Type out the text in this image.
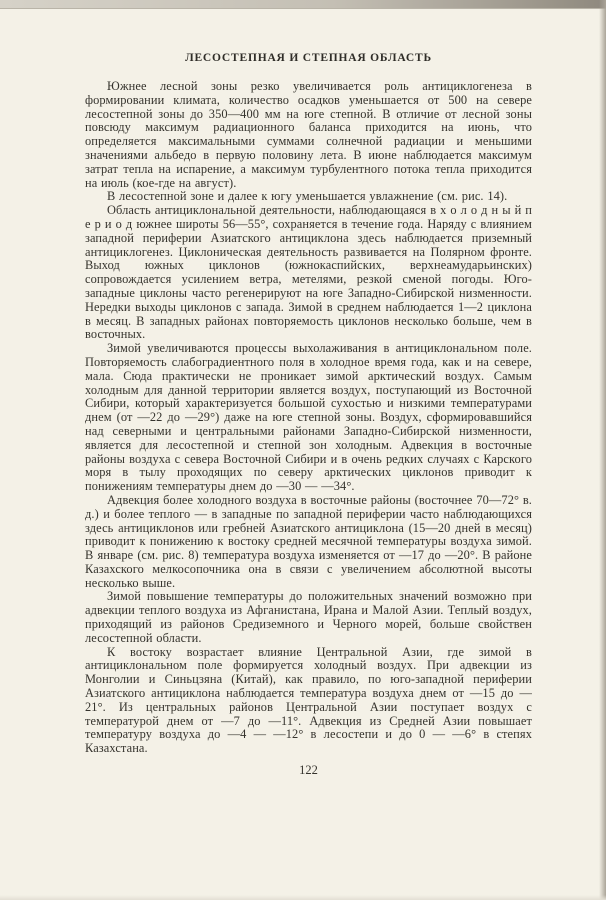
ЛЕСОСТЕПНАЯ И СТЕПНАЯ ОБЛАСТЬ

Южнее лесной зоны резко увеличивается роль антициклогенеза в формировании климата, количество осадков уменьшается от 500 на севере лесостепной зоны до 350—400 мм на юге степной. В отличие от лесной зоны повсюду максимум радиационного баланса приходится на июнь, что определяется максимальными суммами солнечной радиации и меньшими значениями альбедо в первую половину лета. В июне наблюдается максимум затрат тепла на испарение, а максимум турбулентного потока тепла приходится на июль (кое-где на август).

В лесостепной зоне и далее к югу уменьшается увлажнение (см. рис. 14).

Область антициклональной деятельности, наблюдающаяся в х о л о д н ы й п е р и о д южнее широты 56—55°, сохраняется в течение года. Наряду с влиянием западной периферии Азиатского антициклона здесь наблюдается приземный антициклогенез. Циклоническая деятельность развивается на Полярном фронте. Выход южных циклонов (южнокаспийских, верхнеамударьинских) сопровождается усилением ветра, метелями, резкой сменой погоды. Юго-западные циклоны часто регенерируют на юге Западно-Сибирской низменности. Нередки выходы циклонов с запада. Зимой в среднем наблюдается 1—2 циклона в месяц. В западных районах повторяемость циклонов несколько больше, чем в восточных.

Зимой увеличиваются процессы выхолаживания в антициклональном поле. Повторяемость слабоградиентного поля в холодное время года, как и на севере, мала. Сюда практически не проникает зимой арктический воздух. Самым холодным для данной территории является воздух, поступающий из Восточной Сибири, который характеризуется большой сухостью и низкими температурами днем (от —22 до —29°) даже на юге степной зоны. Воздух, сформировавшийся над северными и центральными районами Западно-Сибирской низменности, является для лесостепной и степной зон холодным. Адвекция в восточные районы воздуха с севера Восточной Сибири и в очень редких случаях с Карского моря в тылу проходящих по северу арктических циклонов приводит к понижениям температуры днем до —30 — —34°.

Адвекция более холодного воздуха в восточные районы (восточнее 70—72° в. д.) и более теплого — в западные по западной периферии часто наблюдающихся здесь антициклонов или гребней Азиатского антициклона (15—20 дней в месяц) приводит к понижению к востоку средней месячной температуры воздуха зимой. В январе (см. рис. 8) температура воздуха изменяется от —17 до —20°. В районе Казахского мелкосопочника она в связи с увеличением абсолютной высоты несколько выше.

Зимой повышение температуры до положительных значений возможно при адвекции теплого воздуха из Афганистана, Ирана и Малой Азии. Теплый воздух, приходящий из районов Средиземного и Черного морей, больше свойствен лесостепной области.

К востоку возрастает влияние Центральной Азии, где зимой в антициклональном поле формируется холодный воздух. При адвекции из Монголии и Синьцзяна (Китай), как правило, по юго-западной периферии Азиатского антициклона наблюдается температура воздуха днем от —15 до —21°. Из центральных районов Центральной Азии поступает воздух с температурой днем от —7 до —11°. Адвекция из Средней Азии повышает температуру воздуха до —4 — —12° в лесостепи и до 0 — —6° в степях Казахстана.

122
